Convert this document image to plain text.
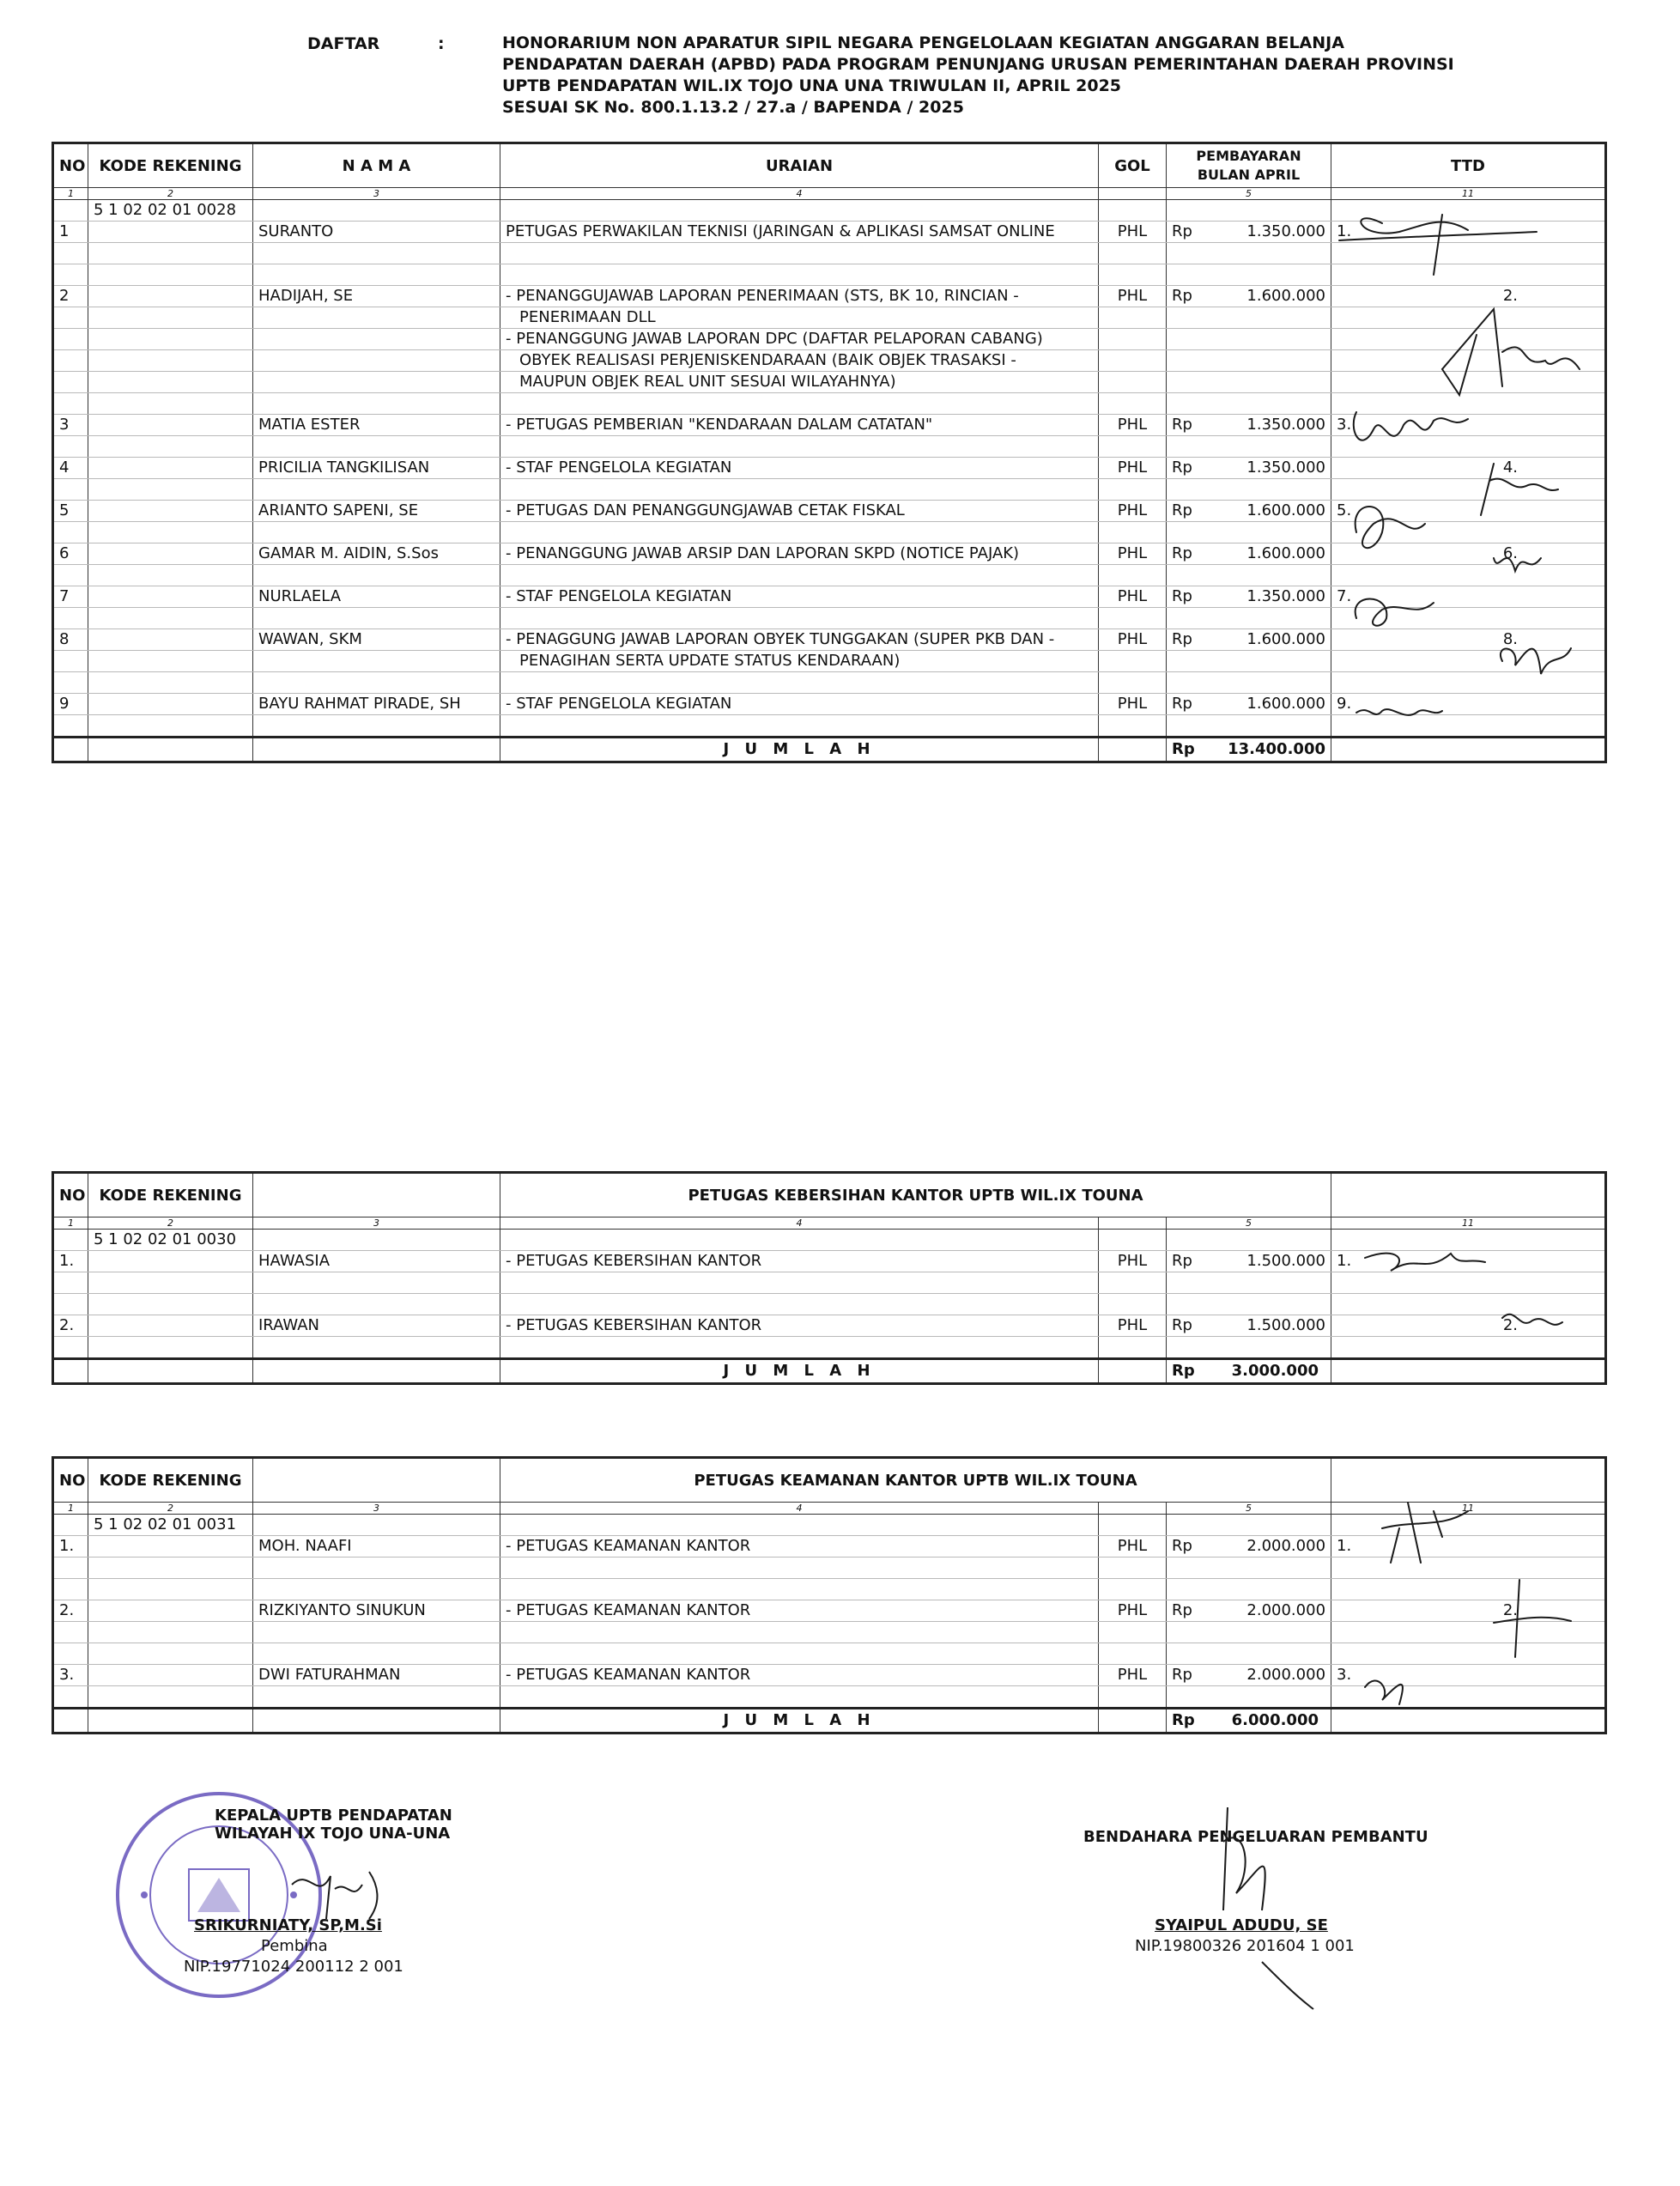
DAFTAR	:	HONORARIUM NON APARATUR SIPIL NEGARA PENGELOLAAN KEGIATAN ANGGARAN BELANJA
PENDAPATAN DAERAH (APBD) PADA PROGRAM PENUNJANG URUSAN PEMERINTAHAN DAERAH PROVINSI
UPTB PENDAPATAN WIL.IX TOJO UNA UNA TRIWULAN II, APRIL 2025
SESUAI SK No. 800.1.13.2 / 27.a / BAPENDA / 2025
NO	KODE REKENING	N A M A	URAIAN	GOL	PEMBAYARAN
BULAN APRIL	TTD
1	2	3	4		5	11
	5 1 02 02 01 0028					
1		SURANTO	PETUGAS PERWAKILAN TEKNISI (JARINGAN & APLIKASI SAMSAT ONLINE	PHL	Rp 1.350.000	1.

2		HADIJAH, SE	- PENANGGUJAWAB LAPORAN PENERIMAAN (STS, BK 10, RINCIAN -	PHL	Rp 1.600.000	2.
			PENERIMAAN DLL			
			- PENANGGUNG JAWAB LAPORAN DPC (DAFTAR PELAPORAN CABANG)			
			OBYEK REALISASI PERJENISKENDARAAN (BAIK OBJEK TRASAKSI -			
			MAUPUN OBJEK REAL UNIT SESUAI WILAYAHNYA)			

3		MATIA ESTER	- PETUGAS PEMBERIAN "KENDARAAN DALAM CATATAN"	PHL	Rp 1.350.000	3.

4		PRICILIA TANGKILISAN	- STAF PENGELOLA KEGIATAN	PHL	Rp 1.350.000	4.

5		ARIANTO SAPENI, SE	- PETUGAS DAN PENANGGUNGJAWAB CETAK FISKAL	PHL	Rp 1.600.000	5.

6		GAMAR M. AIDIN, S.Sos	- PENANGGUNG JAWAB ARSIP DAN LAPORAN SKPD (NOTICE PAJAK)	PHL	Rp 1.600.000	6.

7		NURLAELA	- STAF PENGELOLA KEGIATAN	PHL	Rp 1.350.000	7.

8		WAWAN, SKM	- PENAGGUNG JAWAB LAPORAN OBYEK TUNGGAKAN (SUPER PKB DAN -	PHL	Rp 1.600.000	8.
			PENAGIHAN SERTA UPDATE STATUS KENDARAAN)			

9		BAYU RAHMAT PIRADE, SH	- STAF PENGELOLA KEGIATAN	PHL	Rp 1.600.000	9.

			J U M L A H		Rp 13.400.000	

NO	KODE REKENING		PETUGAS KEBERSIHAN KANTOR UPTB WIL.IX TOUNA			
1	2	3	4		5	11
	5 1 02 02 01 0030					
1.		HAWASIA	- PETUGAS KEBERSIHAN KANTOR	PHL	Rp 1.500.000	1.

2.		IRAWAN	- PETUGAS KEBERSIHAN KANTOR	PHL	Rp 1.500.000	2.

			J U M L A H		Rp 3.000.000	

NO	KODE REKENING		PETUGAS KEAMANAN KANTOR UPTB WIL.IX TOUNA			
1	2	3	4		5	11
	5 1 02 02 01 0031					
1.		MOH. NAAFI	- PETUGAS KEAMANAN KANTOR	PHL	Rp 2.000.000	1.

2.		RIZKIYANTO SINUKUN	- PETUGAS KEAMANAN KANTOR	PHL	Rp 2.000.000	2.

3.		DWI FATURAHMAN	- PETUGAS KEAMANAN KANTOR	PHL	Rp 2.000.000	3.

			J U M L A H		Rp 6.000.000	

KEPALA UPTB PENDAPATAN
WILAYAH IX TOJO UNA-UNA
SRIKURNIATY, SP,M.Si
Pembina
NIP.19771024 200112 2 001
BENDAHARA PENGELUARAN PEMBANTU
SYAIPUL ADUDU, SE
NIP.19800326 201604 1 001
